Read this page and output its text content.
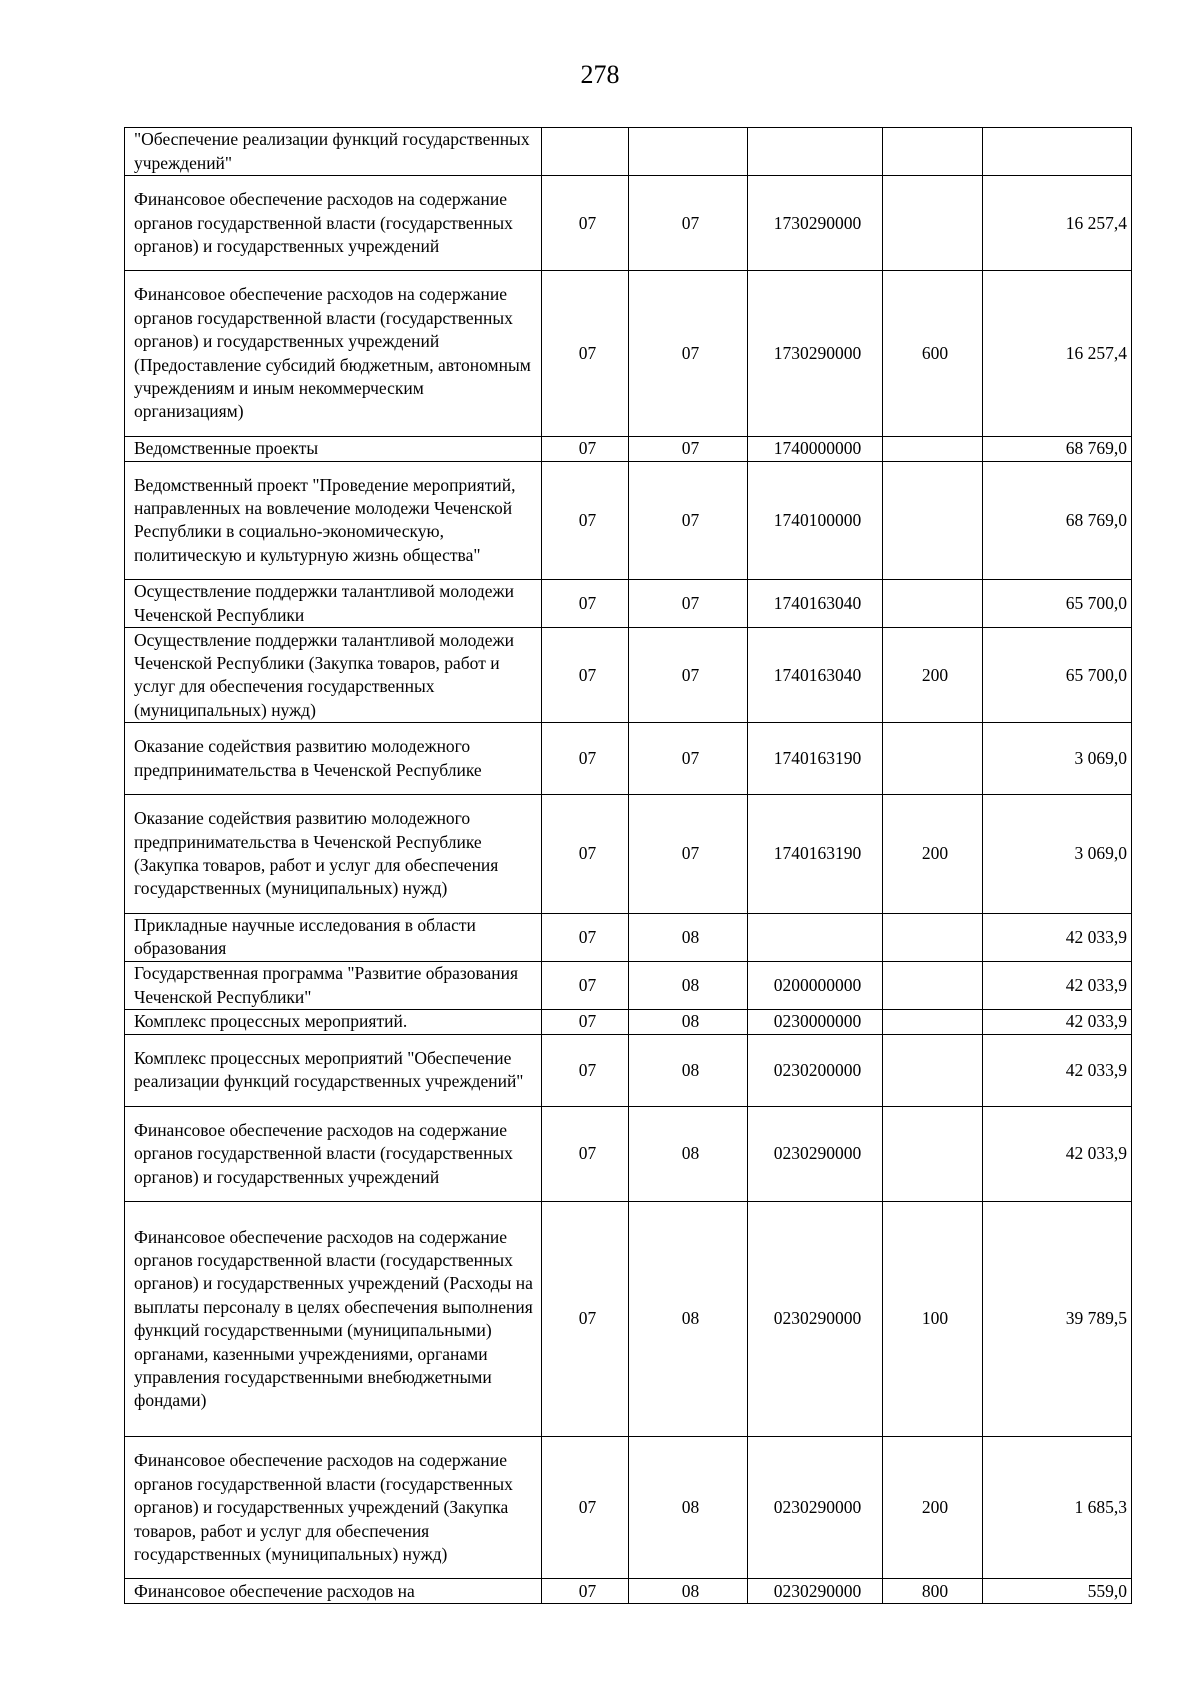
278
"Обеспечение реализации функций государственных учреждений"					

Финансовое обеспечение расходов на содержание органов государственной власти (государственных органов) и государственных учреждений	07	07	1730290000		16 257,4

Финансовое обеспечение расходов на содержание органов государственной власти (государственных органов) и государственных учреждений (Предоставление субсидий бюджетным, автономным учреждениям и иным некоммерческим организациям)	07	07	1730290000	600	16 257,4

Ведомственные проекты	07	07	1740000000		68 769,0

Ведомственный проект "Проведение мероприятий, направленных на вовлечение молодежи Чеченской Республики в социально-экономическую, политическую и культурную жизнь общества"	07	07	1740100000		68 769,0

Осуществление поддержки талантливой молодежи Чеченской Республики	07	07	1740163040		65 700,0

Осуществление поддержки талантливой молодежи Чеченской Республики (Закупка товаров, работ и услуг для обеспечения государственных (муниципальных) нужд)	07	07	1740163040	200	65 700,0

Оказание содействия развитию молодежного предпринимательства в Чеченской Республике	07	07	1740163190		3 069,0

Оказание содействия развитию молодежного предпринимательства в Чеченской Республике (Закупка товаров, работ и услуг для обеспечения государственных (муниципальных) нужд)	07	07	1740163190	200	3 069,0

Прикладные научные исследования в области образования	07	08			42 033,9

Государственная программа "Развитие образования Чеченской Республики"	07	08	0200000000		42 033,9

Комплекс процессных мероприятий.	07	08	0230000000		42 033,9

Комплекс процессных мероприятий "Обеспечение реализации функций государственных учреждений"	07	08	0230200000		42 033,9

Финансовое обеспечение расходов на содержание органов государственной власти (государственных органов) и государственных учреждений	07	08	0230290000		42 033,9

Финансовое обеспечение расходов на содержание органов государственной власти (государственных органов) и государственных учреждений (Расходы на выплаты персоналу в целях обеспечения выполнения функций государственными (муниципальными) органами, казенными учреждениями, органами управления государственными внебюджетными фондами)	07	08	0230290000	100	39 789,5

Финансовое обеспечение расходов на содержание органов государственной власти (государственных органов) и государственных учреждений (Закупка товаров, работ и услуг для обеспечения государственных (муниципальных) нужд)	07	08	0230290000	200	1 685,3

Финансовое обеспечение расходов на	07	08	0230290000	800	559,0
